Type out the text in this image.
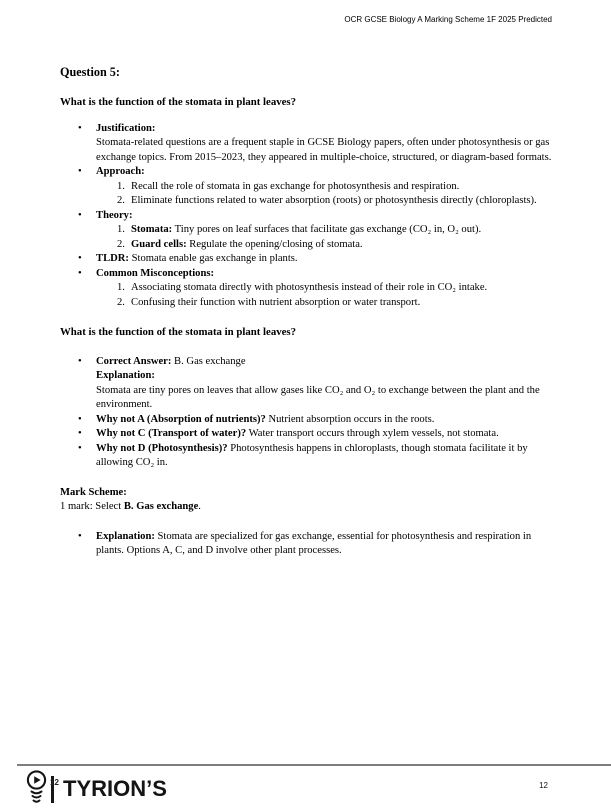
OCR GCSE Biology A Marking Scheme 1F 2025 Predicted
Question 5:
What is the function of the stomata in plant leaves?
•	Justification:
Stomata-related questions are a frequent staple in GCSE Biology papers, often under photosynthesis or gas exchange topics. From 2015–2023, they appeared in multiple-choice, structured, or diagram-based formats.
•	Approach:
1. Recall the role of stomata in gas exchange for photosynthesis and respiration.
2. Eliminate functions related to water absorption (roots) or photosynthesis directly (chloroplasts).
•	Theory:
1. Stomata: Tiny pores on leaf surfaces that facilitate gas exchange (CO₂ in, O₂ out).
2. Guard cells: Regulate the opening/closing of stomata.
•	TLDR: Stomata enable gas exchange in plants.
•	Common Misconceptions:
1. Associating stomata directly with photosynthesis instead of their role in CO₂ intake.
2. Confusing their function with nutrient absorption or water transport.
What is the function of the stomata in plant leaves?
•	Correct Answer: B. Gas exchange
Explanation:
Stomata are tiny pores on leaves that allow gases like CO₂ and O₂ to exchange between the plant and the environment.
•	Why not A (Absorption of nutrients)? Nutrient absorption occurs in the roots.
•	Why not C (Transport of water)? Water transport occurs through xylem vessels, not stomata.
•	Why not D (Photosynthesis)? Photosynthesis happens in chloroplasts, though stomata facilitate it by allowing CO₂ in.
Mark Scheme:
1 mark: Select B. Gas exchange.
•	Explanation: Stomata are specialized for gas exchange, essential for photosynthesis and respiration in plants. Options A, C, and D involve other plant processes.
12 TYRION’S	12
